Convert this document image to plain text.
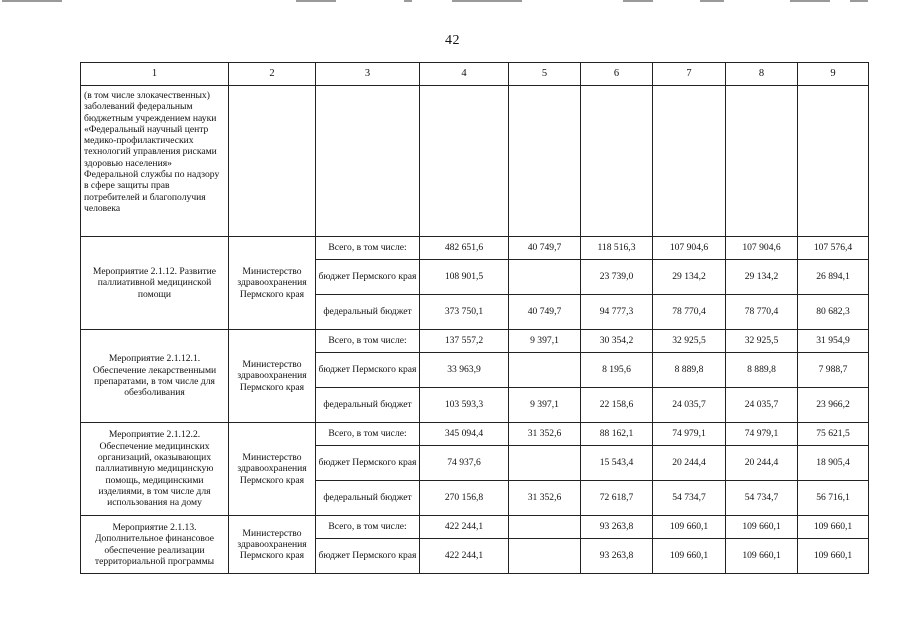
42
1	2	3	4	5	6	7	8	9
(в том числе злокачественных) заболеваний федеральным бюджетным учреждением науки «Федеральный научный центр медико-профилактических технологий управления рисками здоровью населения» Федеральной службы по надзору в сфере защиты прав потребителей и благополучия человека								
Мероприятие 2.1.12. Развитие паллиативной медицинской помощи	Министерство здравоохранения Пермского края	Всего, в том числе:	482 651,6	40 749,7	118 516,3	107 904,6	107 904,6	107 576,4
		бюджет Пермского края	108 901,5		23 739,0	29 134,2	29 134,2	26 894,1
		федеральный бюджет	373 750,1	40 749,7	94 777,3	78 770,4	78 770,4	80 682,3
Мероприятие 2.1.12.1. Обеспечение лекарственными препаратами, в том числе для обезболивания	Министерство здравоохранения Пермского края	Всего, в том числе:	137 557,2	9 397,1	30 354,2	32 925,5	32 925,5	31 954,9
		бюджет Пермского края	33 963,9		8 195,6	8 889,8	8 889,8	7 988,7
		федеральный бюджет	103 593,3	9 397,1	22 158,6	24 035,7	24 035,7	23 966,2
Мероприятие 2.1.12.2. Обеспечение медицинских организаций, оказывающих паллиативную медицинскую помощь, медицинскими изделиями, в том числе для использования на дому	Министерство здравоохранения Пермского края	Всего, в том числе:	345 094,4	31 352,6	88 162,1	74 979,1	74 979,1	75 621,5
		бюджет Пермского края	74 937,6		15 543,4	20 244,4	20 244,4	18 905,4
		федеральный бюджет	270 156,8	31 352,6	72 618,7	54 734,7	54 734,7	56 716,1
Мероприятие 2.1.13. Дополнительное финансовое обеспечение реализации территориальной программы	Министерство здравоохранения Пермского края	Всего, в том числе:	422 244,1		93 263,8	109 660,1	109 660,1	109 660,1
		бюджет Пермского края	422 244,1		93 263,8	109 660,1	109 660,1	109 660,1
